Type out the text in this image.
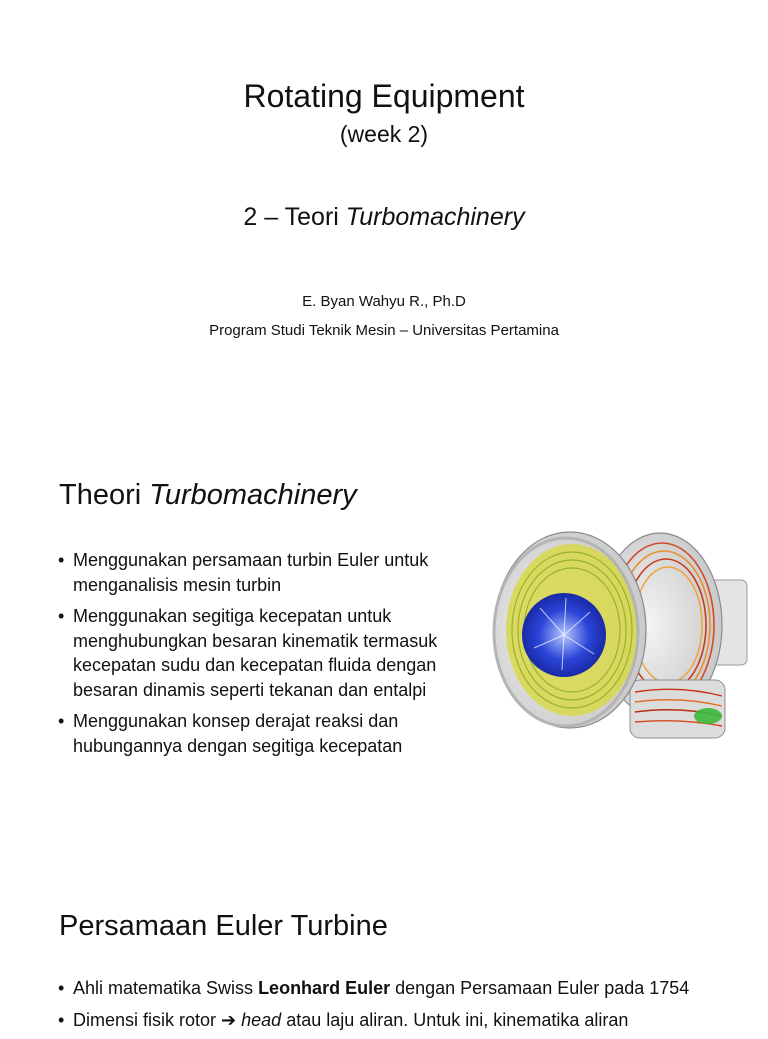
Rotating Equipment
(week 2)
2 – Teori Turbomachinery
E. Byan Wahyu R., Ph.D
Program Studi Teknik Mesin – Universitas Pertamina
Theori Turbomachinery
• Menggunakan persamaan turbin Euler untuk menganalisis mesin turbin
• Menggunakan segitiga kecepatan untuk menghubungkan besaran kinematik termasuk kecepatan sudu dan kecepatan fluida dengan besaran dinamis seperti tekanan dan entalpi
• Menggunakan konsep derajat reaksi dan hubungannya dengan segitiga kecepatan
Persamaan Euler Turbine
• Ahli matematika Swiss Leonhard Euler dengan Persamaan Euler pada 1754
• Dimensi fisik rotor ➔ head atau laju aliran. Untuk ini, kinematika aliran
